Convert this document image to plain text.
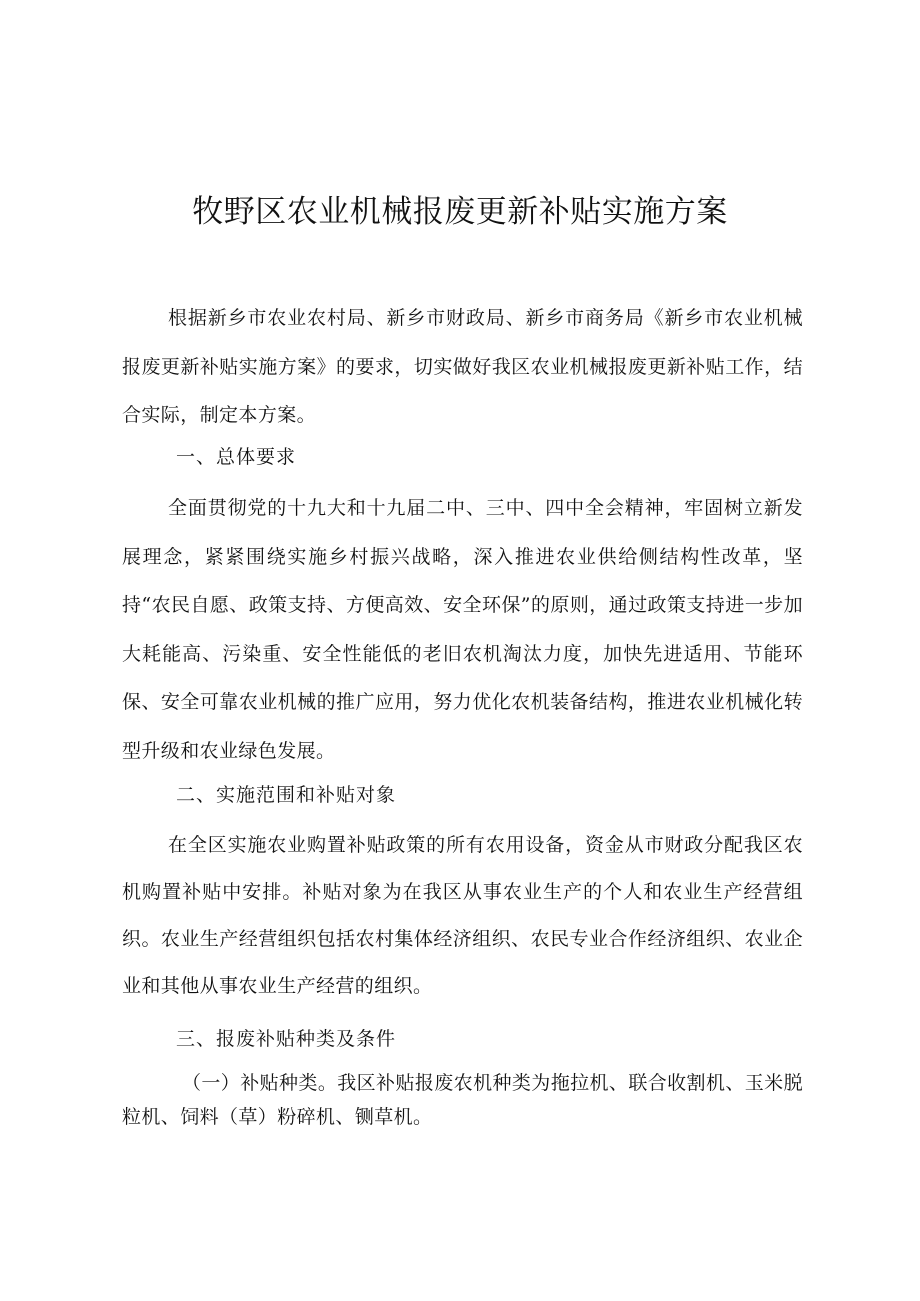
牧野区农业机械报废更新补贴实施方案

根据新乡市农业农村局、新乡市财政局、新乡市商务局《新乡市农业机械报废更新补贴实施方案》的要求，切实做好我区农业机械报废更新补贴工作，结合实际，制定本方案。

一、总体要求

全面贯彻党的十九大和十九届二中、三中、四中全会精神，牢固树立新发展理念，紧紧围绕实施乡村振兴战略，深入推进农业供给侧结构性改革，坚持“农民自愿、政策支持、方便高效、安全环保”的原则，通过政策支持进一步加大耗能高、污染重、安全性能低的老旧农机淘汰力度，加快先进适用、节能环保、安全可靠农业机械的推广应用，努力优化农机装备结构，推进农业机械化转型升级和农业绿色发展。

二、实施范围和补贴对象

在全区实施农业购置补贴政策的所有农用设备，资金从市财政分配我区农机购置补贴中安排。补贴对象为在我区从事农业生产的个人和农业生产经营组织。农业生产经营组织包括农村集体经济组织、农民专业合作经济组织、农业企业和其他从事农业生产经营的组织。

三、报废补贴种类及条件

（一）补贴种类。我区补贴报废农机种类为拖拉机、联合收割机、玉米脱粒机、饲料（草）粉碎机、铡草机。
